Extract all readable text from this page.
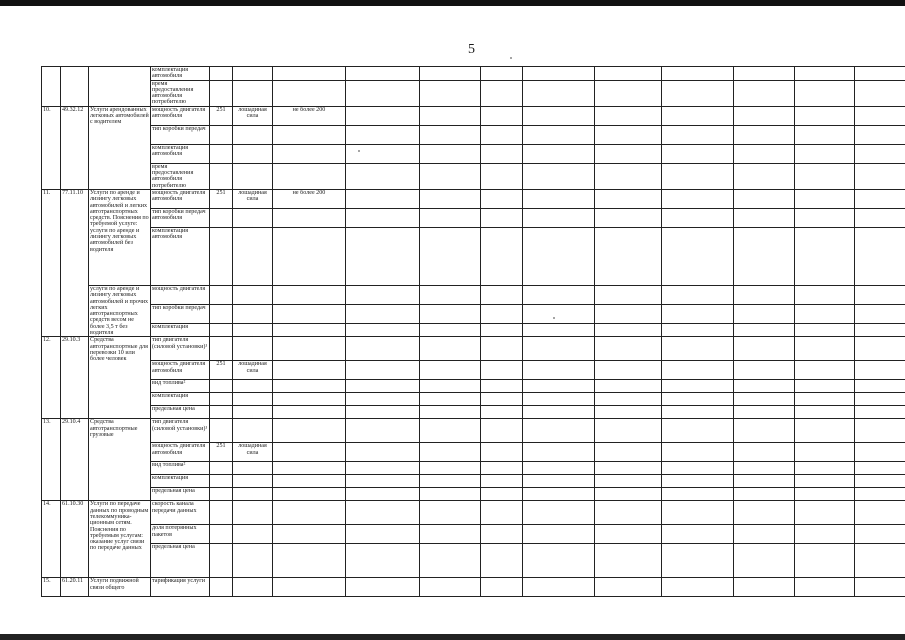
5
			комплектация автомобиля												
			время предоставления автомобиля потребителю												
10.	49.32.12	Услуги арендованных легковых автомобилей с водителем	мощность двигателя автомобиля	251	лошадиная сила	не более 200									
			тип коробки передач												
			комплектация автомобиля												
			время предоставления автомобиля потребителю												
11.	77.11.10	Услуги по аренде и лизингу легковых автомобилей и легких автотранспортных средств. Пояснения по требуемой услуге: услуги по аренде и лизингу легковых автомобилей без водителя	мощность двигателя автомобиля	251	лошадиная сила	не более 200									
			тип коробки передач автомобиля												
			комплектация автомобиля												
		услуги по аренде и лизингу легковых автомобилей и прочих легких автотранспортных средств весом не более 3,5 т без водителя	мощность двигателя												
			тип коробки передач												
			комплектация												
12.	29.10.3	Средства автотранспортные для перевозки 10 или более человек	тип двигателя (силовой установки)¹												
			мощность двигателя автомобиля	251	лошадиная сила										
			вид топлива²												
			комплектация												
			предельная цена												
13.	29.10.4	Средства автотранспортные грузовые	тип двигателя (силовой установки)¹												
			мощность двигателя автомобиля	251	лошадиная сила										
			вид топлива²												
			комплектация												
			предельная цена												
14.	61.10.30	Услуги по передаче данных по проводным телекоммуника-ционным сетям. Пояснения по требуемым услугам: оказание услуг связи по передаче данных	скорость канала передачи данных												
			доля потерянных пакетов												
			предельная цена												
15.	61.20.11	Услуги подвижной связи общего	тарификация услуги												
